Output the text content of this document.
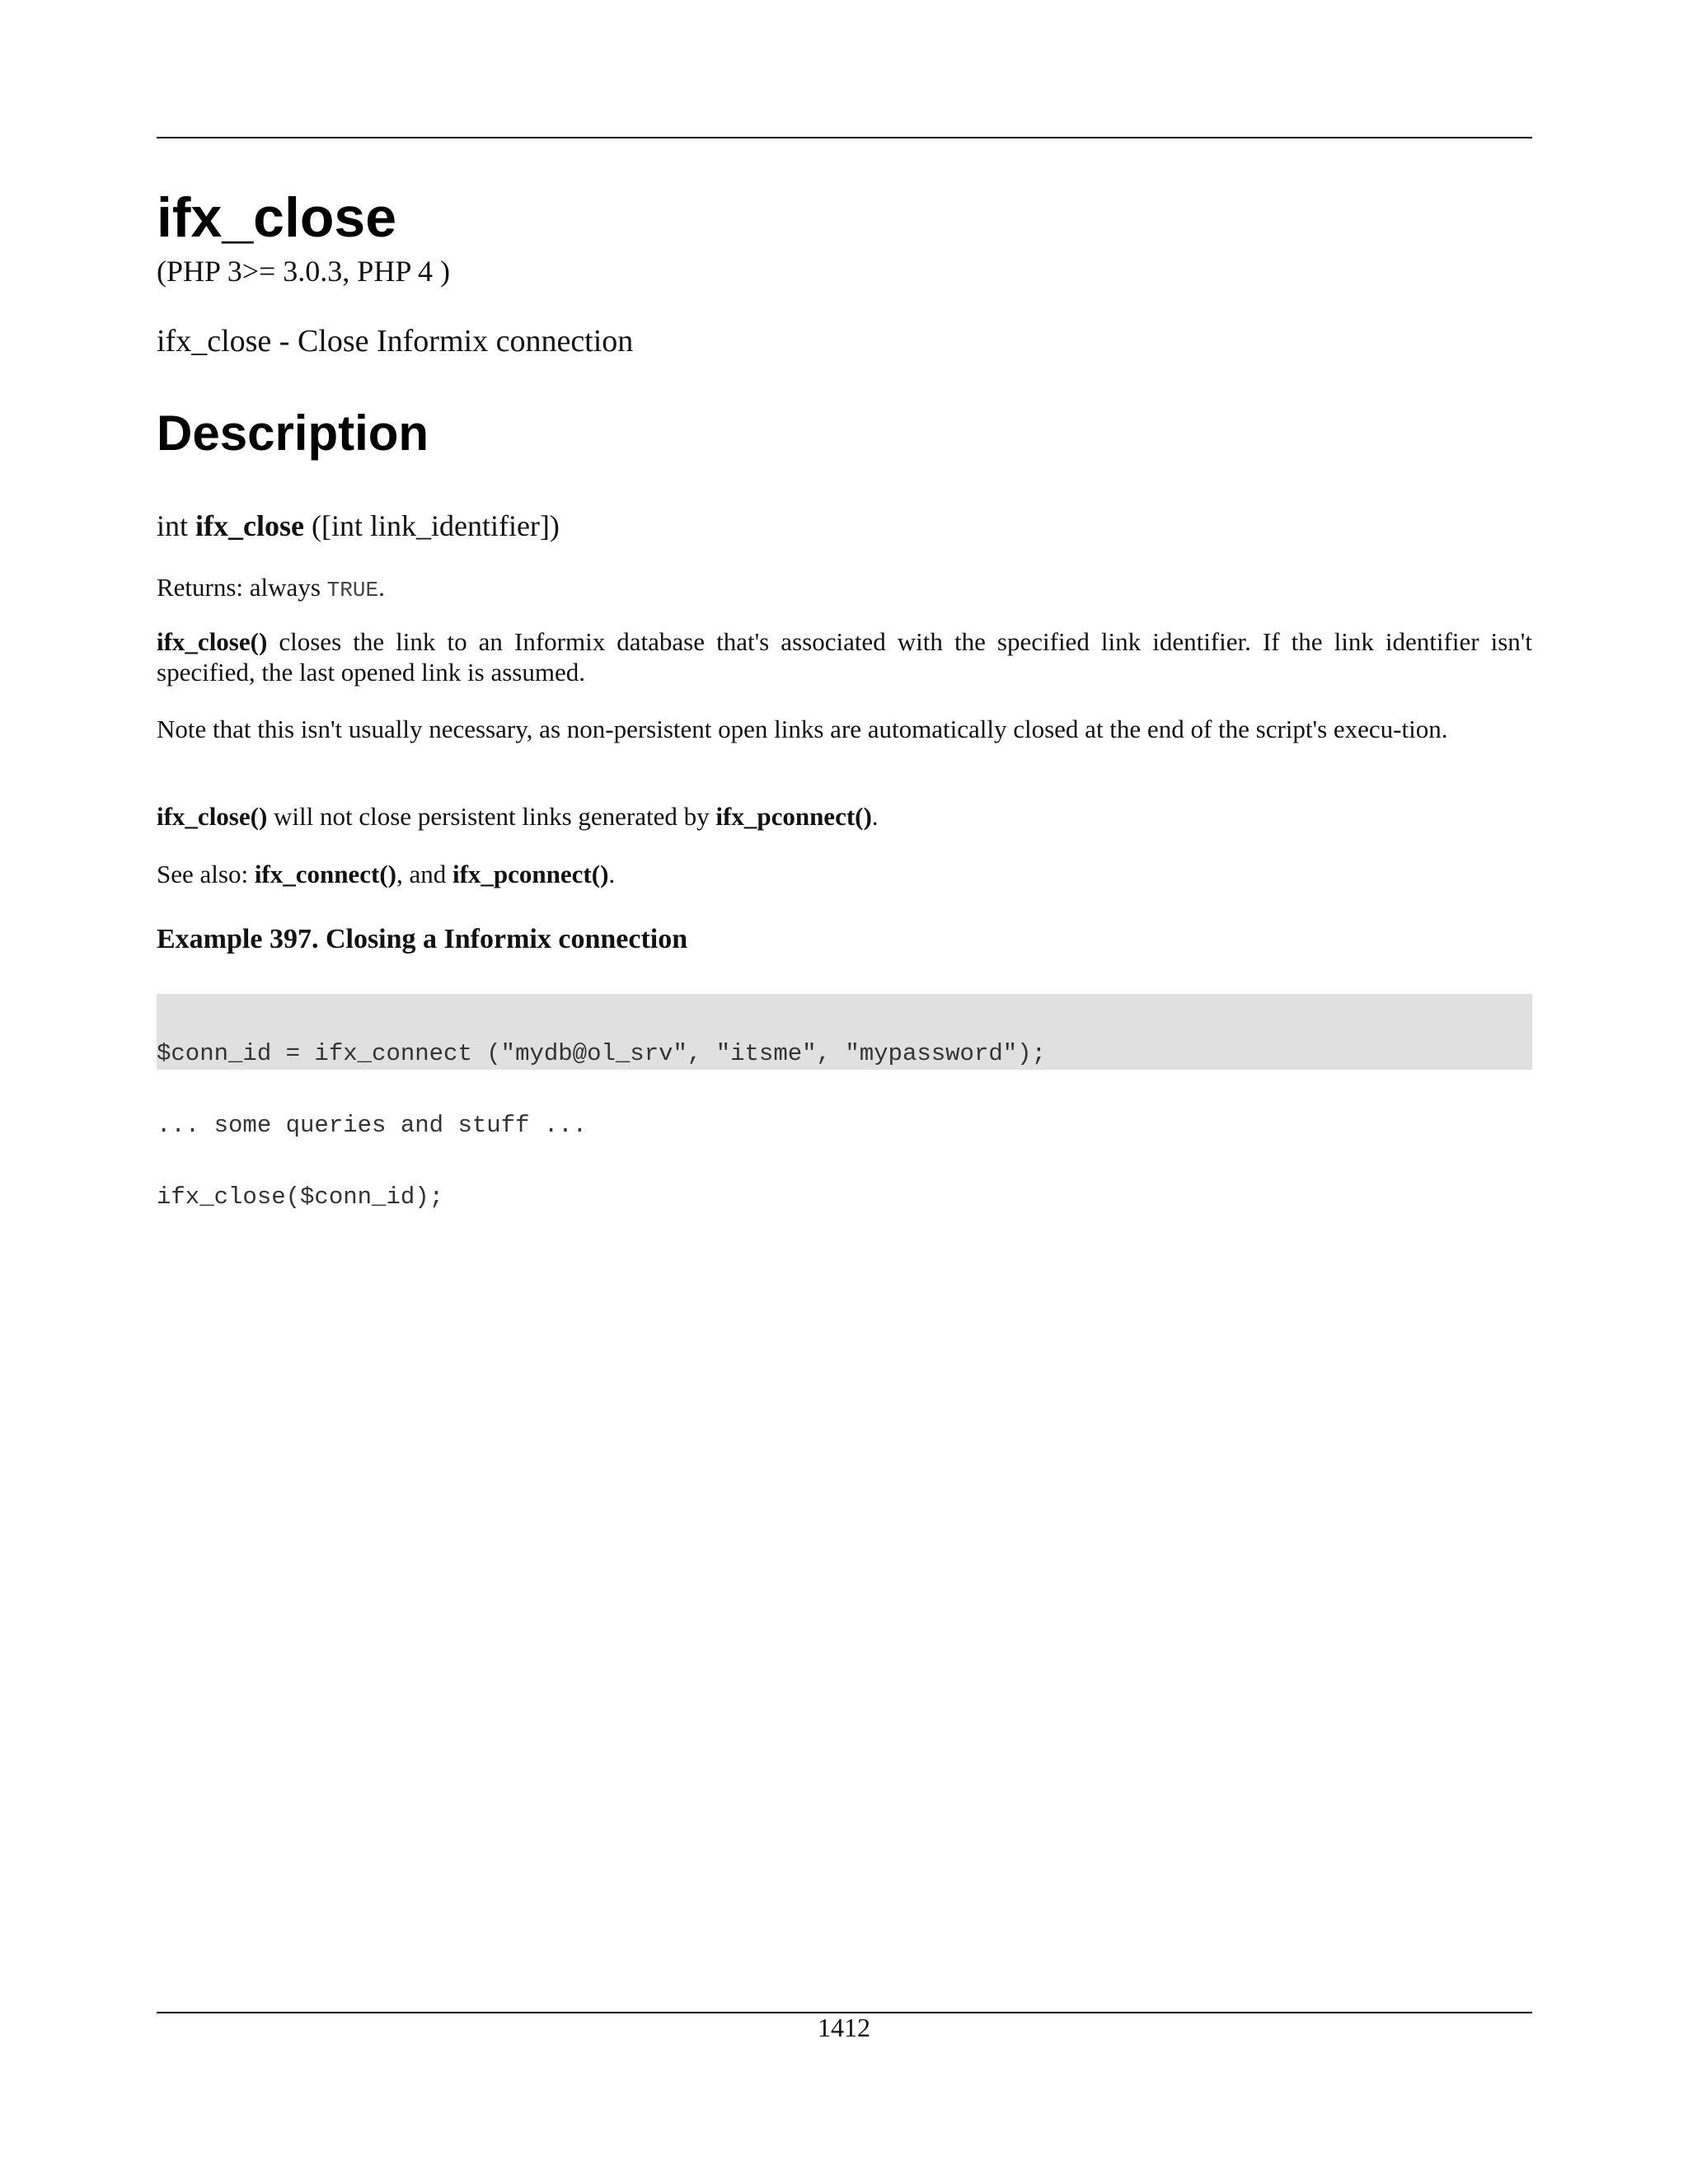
ifx_close
(PHP 3>= 3.0.3, PHP 4 )
ifx_close - Close Informix connection
Description
int ifx_close ([int link_identifier])
Returns: always TRUE.
ifx_close() closes the link to an Informix database that's associated with the specified link identifier. If the link identifier isn't specified, the last opened link is assumed.
Note that this isn't usually necessary, as non-persistent open links are automatically closed at the end of the script's execu-tion.
ifx_close() will not close persistent links generated by ifx_pconnect().
See also: ifx_connect(), and ifx_pconnect().
Example 397. Closing a Informix connection

$conn_id = ifx_connect ("mydb@ol_srv", "itsme", "mypassword");

... some queries and stuff ...

ifx_close($conn_id);

1412
